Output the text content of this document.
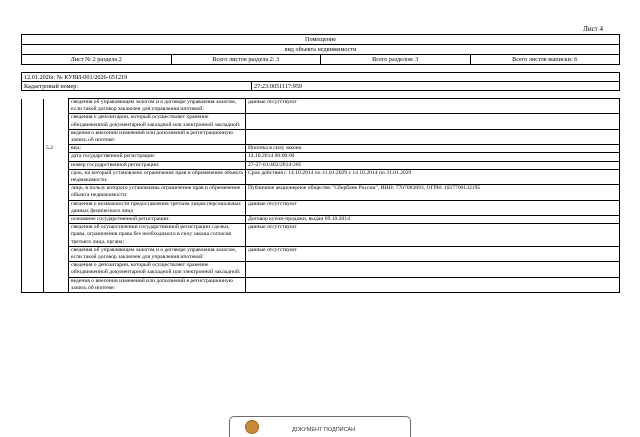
Лист 4
Помещение
вид объекта недвижимости
Лист № 2 раздела 2	Всего листов раздела 2: 3	Всего разделов: 3	Всего листов выписки: 6
12.01.2026г. № КУВИ-001/2026-651219
Кадастровый номер:	27:23:0051117:959
		сведения об управляющем залогом и о договоре управления залогом, если такой договор заключен для управления ипотекой:	данные отсутствуют
		сведения о депозитарии, который осуществляет хранение обездвиженной документарной закладной или электронной закладной:	
		ведения о внесении изменений или дополнений в регистрационную запись об ипотеке:	
	5.2	вид:	Ипотека в силу закона
		дата государственной регистрации:	14.10.2014 00:00:00
		номер государственной регистрации:	27-27-01/483/2014-205
		срок, на который установлено ограничение прав и обременение объекта недвижимости:	Срок действия с 14.10.2014 по 31.01.2029 с 14.10.2014 по 31.01.2029
		лицо, в пользу которого установлены ограничение прав и обременение объекта недвижимости:	Публичное акционерное общество "Сбербанк России", ИНН: 7707083893, ОГРН: 1027700132195
		сведения о возможности предоставления третьим лицам персональных данных физического лица	данные отсутствуют
		основание государственной регистрации:	Договор купли-продажи, выдан 09.10.2014
		сведения об осуществлении государственной регистрации сделки, права, ограничения права без необходимого в силу закона согласия третьего лица, органа:	данные отсутствуют
		сведения об управляющем залогом и о договоре управления залогом, если такой договор заключен для управления ипотекой:	данные отсутствуют
		сведения о депозитарии, который осуществляет хранение обездвиженной документарной закладной или электронной закладной:	
		ведения о внесении изменений или дополнений в регистрационную запись об ипотеке:	
ДОКУМЕНТ ПОДПИСАН
